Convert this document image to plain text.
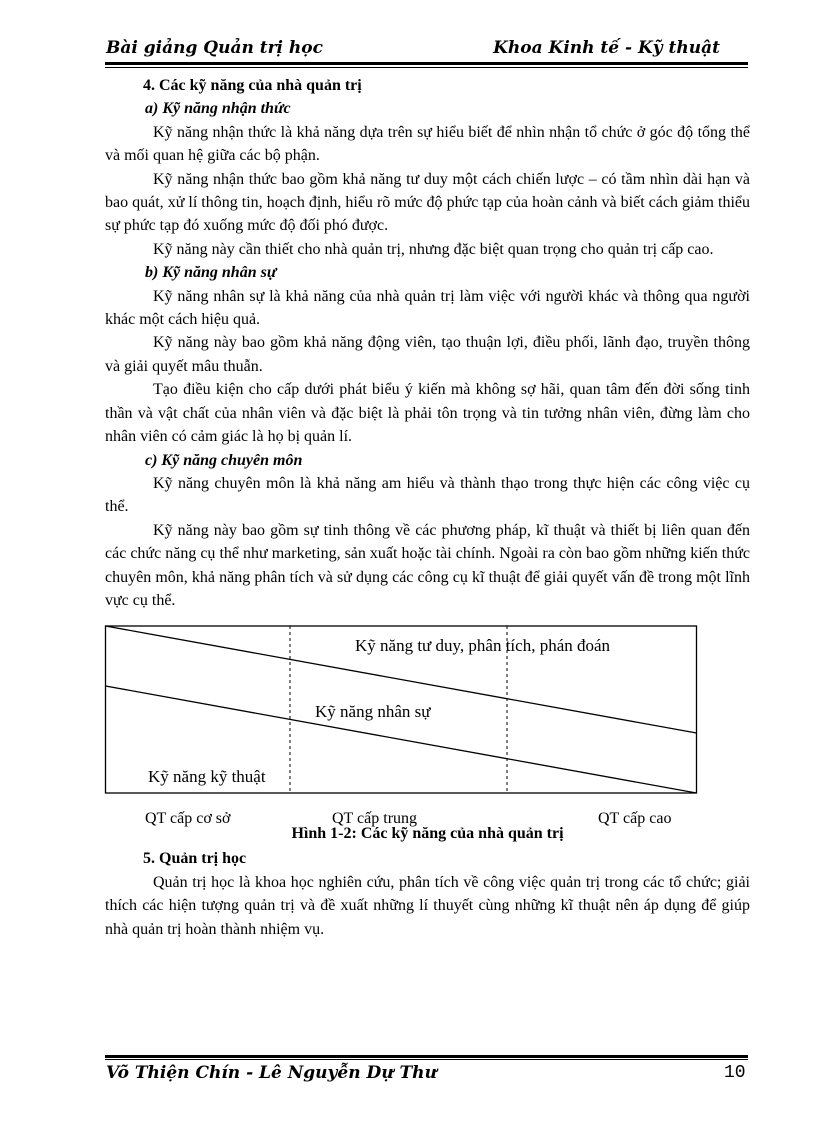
Bài giảng Quản trị học	Khoa Kinh tế - Kỹ thuật

4. Các kỹ năng của nhà quản trị

a) Kỹ năng nhận thức

Kỹ năng nhận thức là khả năng dựa trên sự hiểu biết để nhìn nhận tổ chức ở góc độ tổng thể và mối quan hệ giữa các bộ phận.

Kỹ năng nhận thức bao gồm khả năng tư duy một cách chiến lược – có tầm nhìn dài hạn và bao quát, xử lí thông tin, hoạch định, hiểu rõ mức độ phức tạp của hoàn cảnh và biết cách giảm thiểu sự phức tạp đó xuống mức độ đối phó được.

Kỹ năng này cần thiết cho nhà quản trị, nhưng đặc biệt quan trọng cho quản trị cấp cao.

b) Kỹ năng nhân sự

Kỹ năng nhân sự là khả năng của nhà quản trị làm việc với người khác và thông qua người khác một cách hiệu quả.

Kỹ năng này bao gồm khả năng động viên, tạo thuận lợi, điều phối, lãnh đạo, truyền thông và giải quyết mâu thuẫn.

Tạo điều kiện cho cấp dưới phát biểu ý kiến mà không sợ hãi, quan tâm đến đời sống tinh thần và vật chất của nhân viên và đặc biệt là phải tôn trọng và tin tưởng nhân viên, đừng làm cho nhân viên có cảm giác là họ bị quản lí.

c) Kỹ năng chuyên môn

Kỹ năng chuyên môn là khả năng am hiểu và thành thạo trong thực hiện các công việc cụ thể.

Kỹ năng này bao gồm sự tinh thông về các phương pháp, kĩ thuật và thiết bị liên quan đến các chức năng cụ thể như marketing, sản xuất hoặc tài chính. Ngoài ra còn bao gồm những kiến thức chuyên môn, khả năng phân tích và sử dụng các công cụ kĩ thuật để giải quyết vấn đề trong một lĩnh vực cụ thể.

Kỹ năng tư duy, phân tích, phán đoán
Kỹ năng nhân sự
Kỹ năng kỹ thuật
QT cấp cơ sở	QT cấp trung	QT cấp cao
Hình 1-2: Các kỹ năng của nhà quản trị

5. Quản trị học

Quản trị học là khoa học nghiên cứu, phân tích về công việc quản trị trong các tổ chức; giải thích các hiện tượng quản trị và đề xuất những lí thuyết cùng những kĩ thuật nên áp dụng để giúp nhà quản trị hoàn thành nhiệm vụ.

Võ Thiện Chín - Lê Nguyễn Dự Thư	10
